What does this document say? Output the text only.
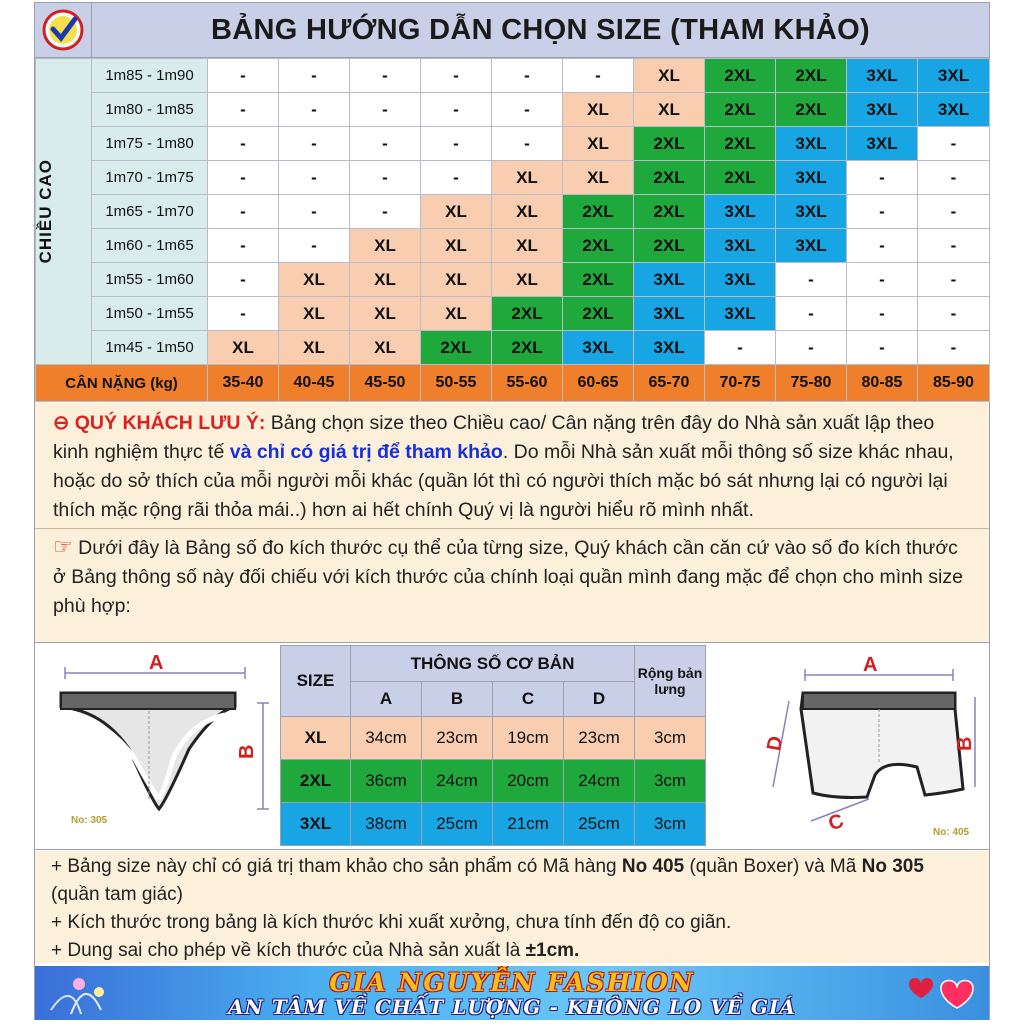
BẢNG HƯỚNG DẪN CHỌN SIZE (THAM KHẢO)
CHIỀU CAO	1m85 - 1m90	-	-	-	-	-	-	XL	2XL	2XL	3XL	3XL
	1m80 - 1m85	-	-	-	-	-	XL	XL	2XL	2XL	3XL	3XL
	1m75 - 1m80	-	-	-	-	-	XL	2XL	2XL	3XL	3XL	-
	1m70 - 1m75	-	-	-	-	XL	XL	2XL	2XL	3XL	-	-
	1m65 - 1m70	-	-	-	XL	XL	2XL	2XL	3XL	3XL	-	-
	1m60 - 1m65	-	-	XL	XL	XL	2XL	2XL	3XL	3XL	-	-
	1m55 - 1m60	-	XL	XL	XL	XL	2XL	3XL	3XL	-	-	-
	1m50 - 1m55	-	XL	XL	XL	2XL	2XL	3XL	3XL	-	-	-
	1m45 - 1m50	XL	XL	XL	2XL	2XL	3XL	3XL	-	-	-	-
CÂN NẶNG (kg)		35-40	40-45	45-50	50-55	55-60	60-65	65-70	70-75	75-80	80-85	85-90
⊖ QUÝ KHÁCH LƯU Ý: Bảng chọn size theo Chiều cao/ Cân nặng trên đây do Nhà sản xuất lập theo kinh nghiệm thực tế và chỉ có giá trị để tham khảo. Do mỗi Nhà sản xuất mỗi thông số size khác nhau, hoặc do sở thích của mỗi người mỗi khác (quần lót thì có người thích mặc bó sát nhưng lại có người lại thích mặc rộng rãi thỏa mái..) hơn ai hết chính Quý vị là người hiểu rõ mình nhất.
☞ Dưới đây là Bảng số đo kích thước cụ thể của từng size, Quý khách cần căn cứ vào số đo kích thước ở Bảng thông số này đối chiếu với kích thước của chính loại quần mình đang mặc để chọn cho mình size phù hợp:
A
B
No: 305
SIZE	THÔNG SỐ CƠ BẢN				Rộng bản lưng
	A	B	C	D	
XL	34cm	23cm	19cm	23cm	3cm
2XL	36cm	24cm	20cm	24cm	3cm
3XL	38cm	25cm	21cm	25cm	3cm
A
D	B
C	No: 405
+ Bảng size này chỉ có giá trị tham khảo cho sản phẩm có Mã hàng No 405 (quần Boxer) và Mã No 305 (quần tam giác)
+ Kích thước trong bảng là kích thước khi xuất xưởng, chưa tính đến độ co giãn.
+ Dung sai cho phép về kích thước của Nhà sản xuất là ±1cm.
GIA NGUYỄN FASHION
AN TÂM VỀ CHẤT LƯỢNG - KHÔNG LO VỀ GIÁ
